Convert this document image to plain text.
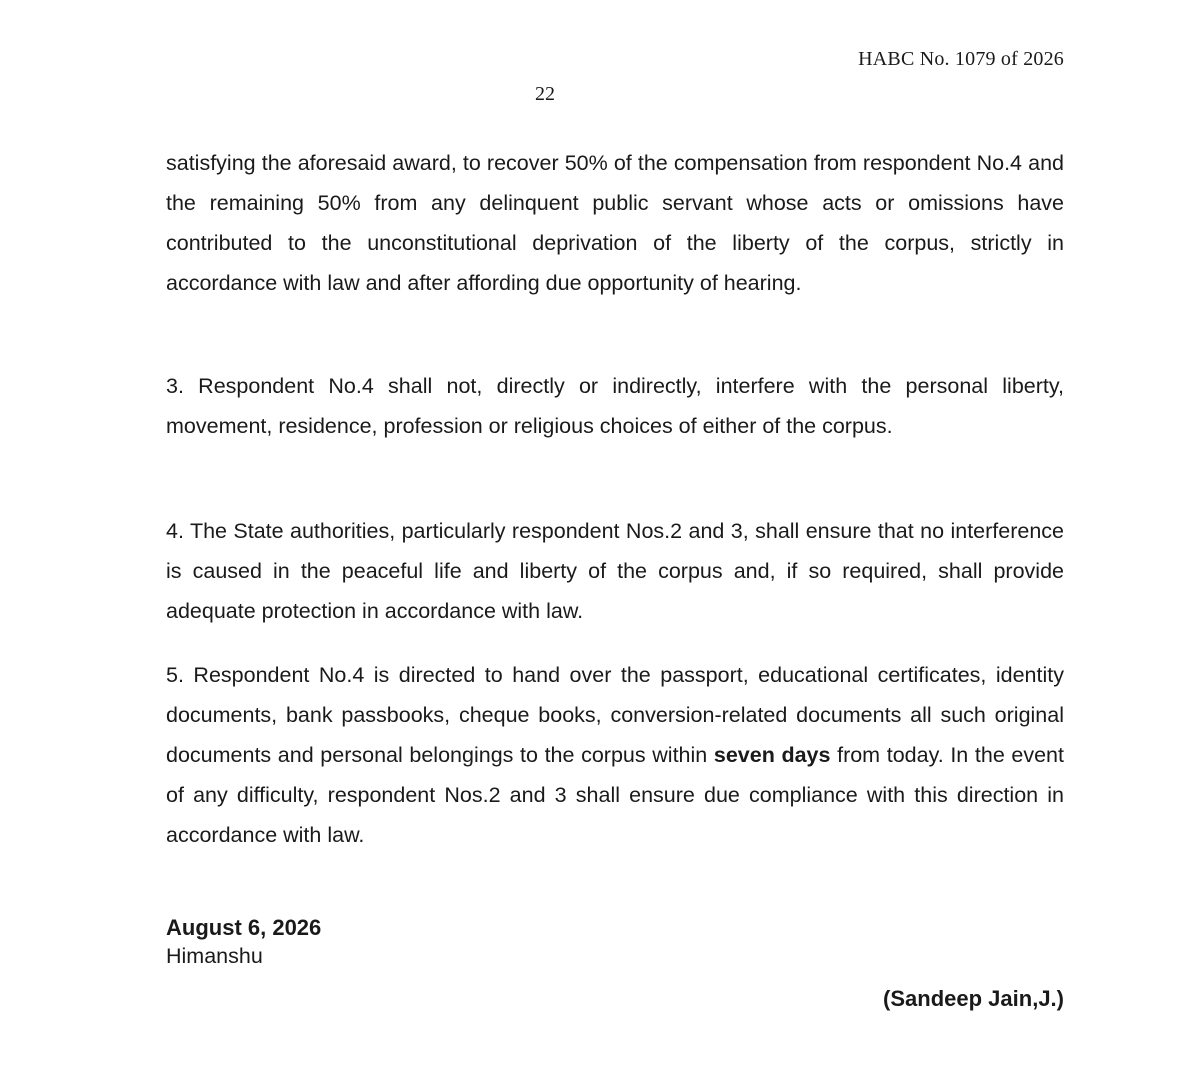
HABC No. 1079 of 2026
22

satisfying the aforesaid award, to recover 50% of the compensation from respondent No.4 and the remaining 50% from any delinquent public servant whose acts or omissions have contributed to the unconstitutional deprivation of the liberty of the corpus, strictly in accordance with law and after affording due opportunity of hearing.

3. Respondent No.4 shall not, directly or indirectly, interfere with the personal liberty, movement, residence, profession or religious choices of either of the corpus.

4. The State authorities, particularly respondent Nos.2 and 3, shall ensure that no interference is caused in the peaceful life and liberty of the corpus and, if so required, shall provide adequate protection in accordance with law.

5. Respondent No.4 is directed to hand over the passport, educational certificates, identity documents, bank passbooks, cheque books, conversion-related documents all such original documents and personal belongings to the corpus within seven days from today. In the event of any difficulty, respondent Nos.2 and 3 shall ensure due compliance with this direction in accordance with law.

August 6, 2026
Himanshu
(Sandeep Jain,J.)
